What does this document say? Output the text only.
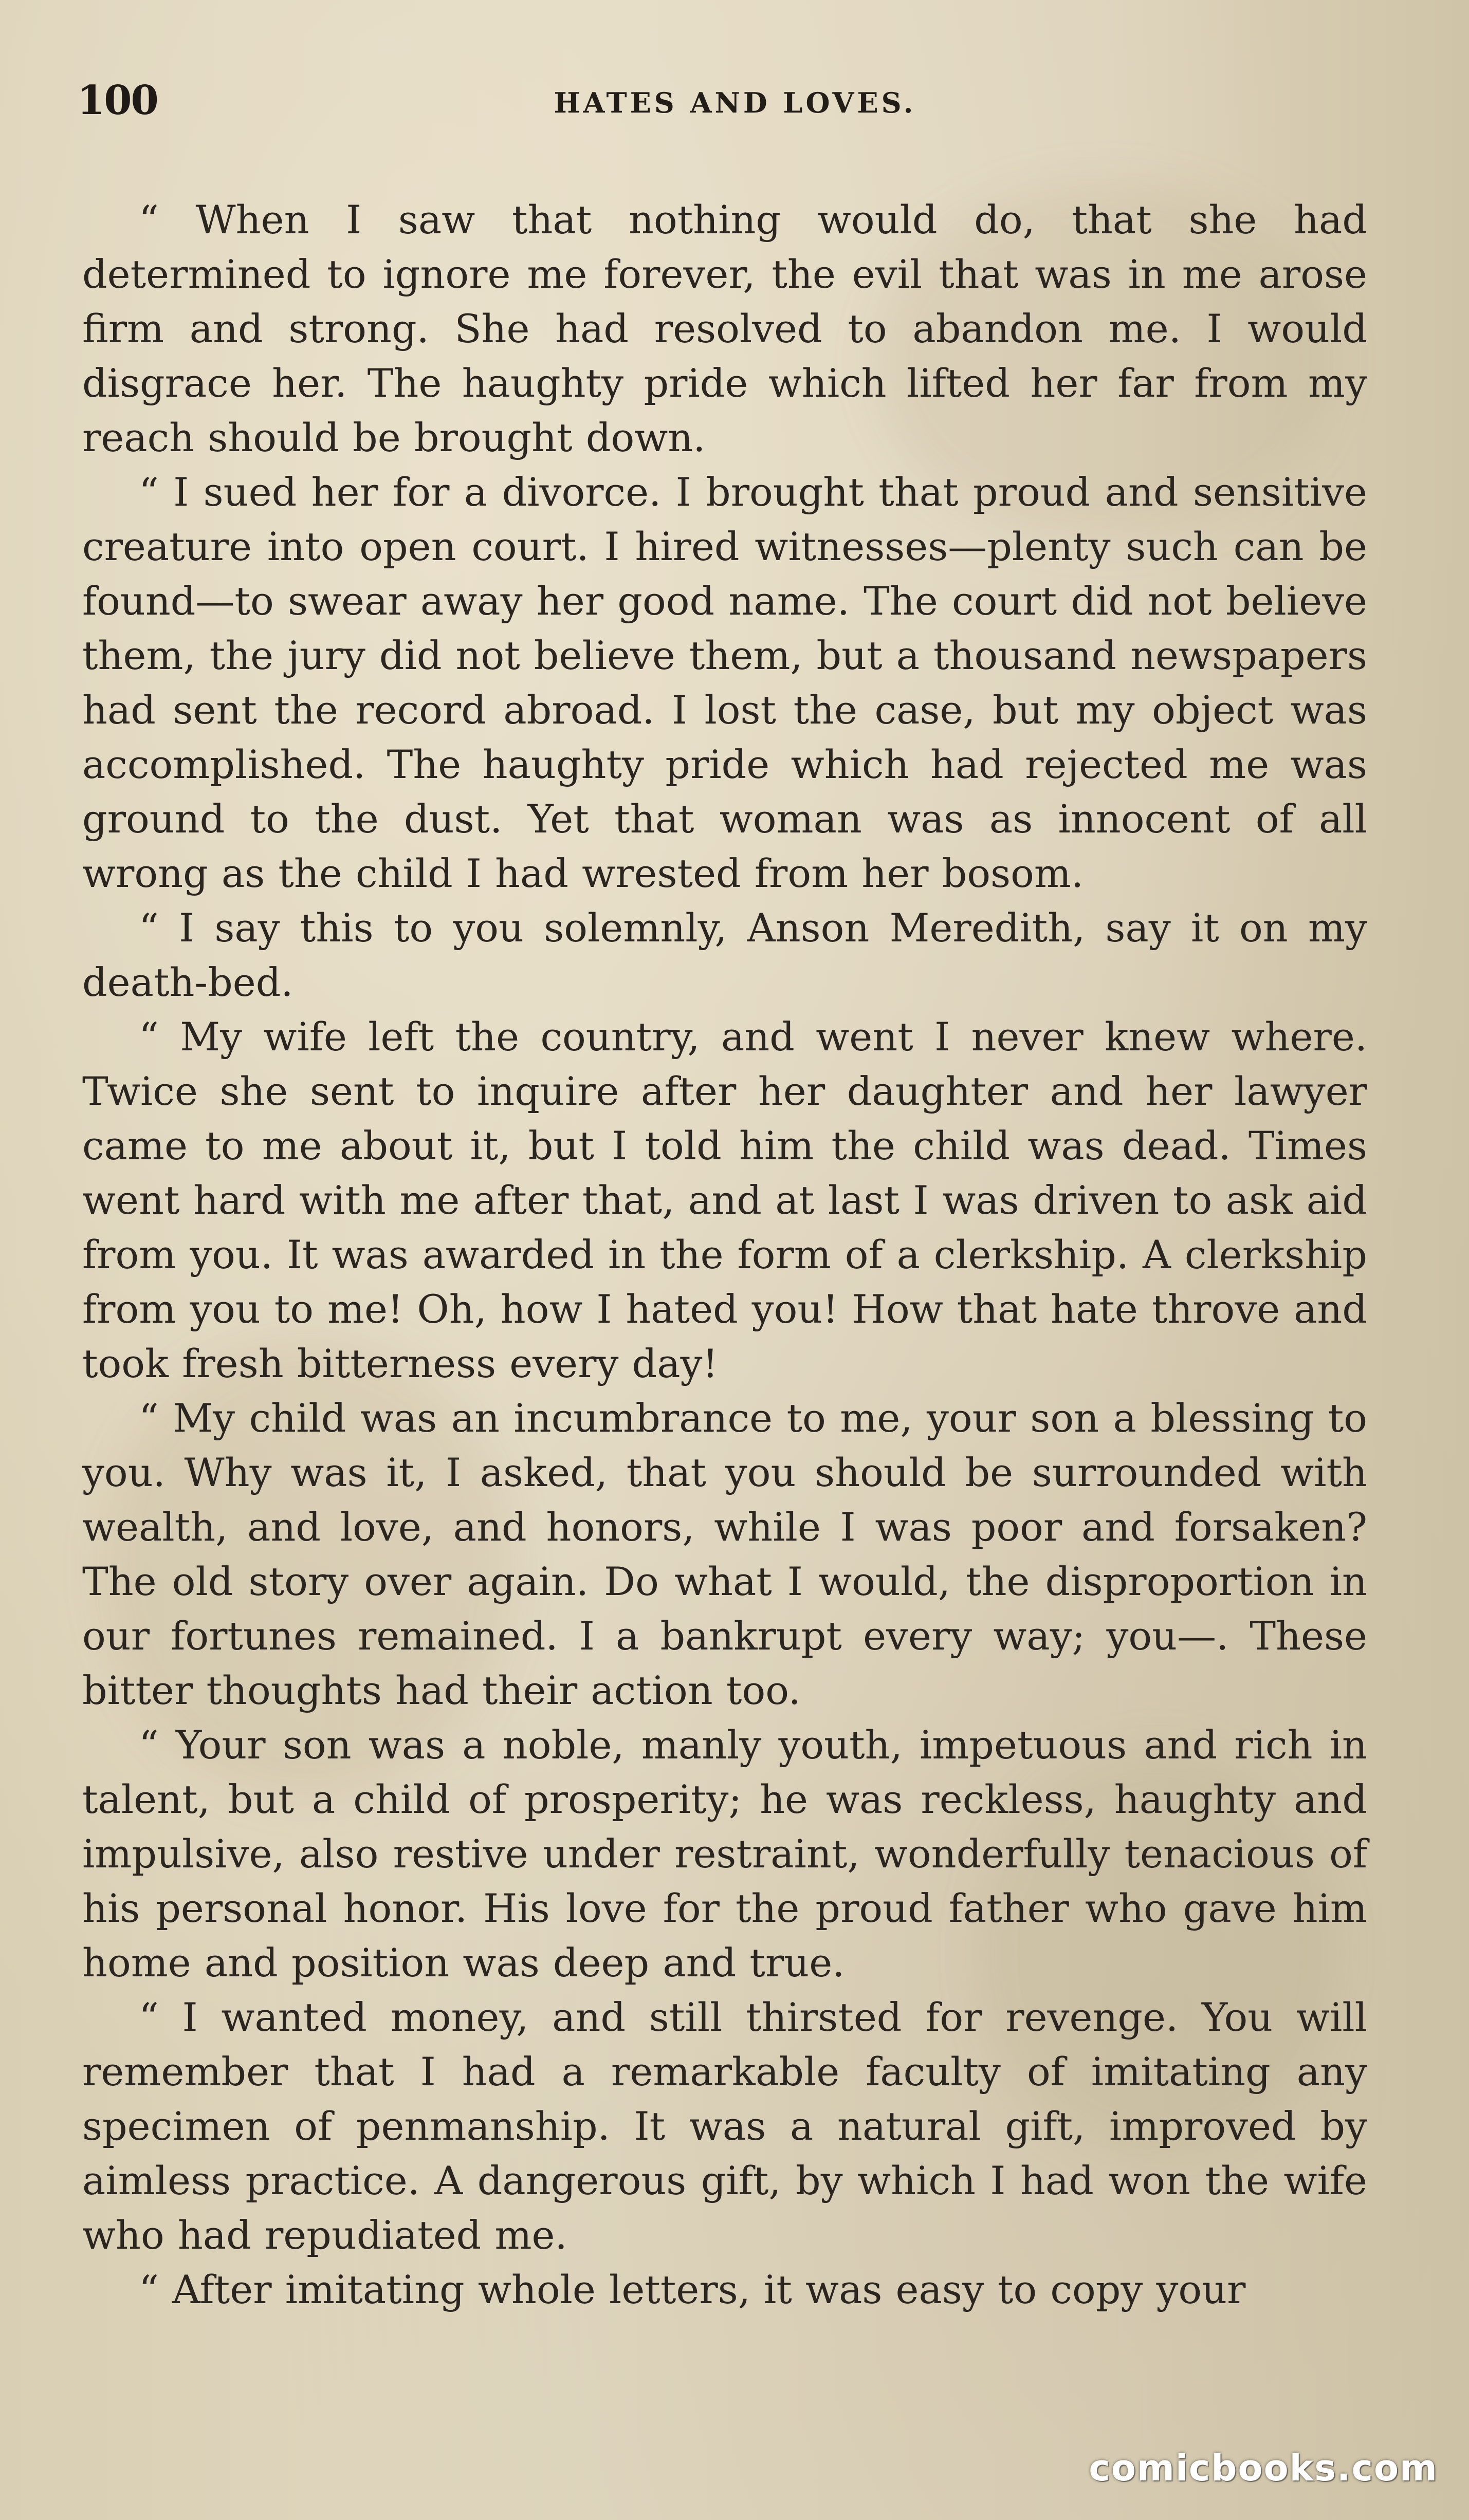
100	HATES AND LOVES.

“ When I saw that nothing would do, that she had determined to ignore me forever, the evil that was in me arose firm and strong. She had resolved to abandon me. I would disgrace her. The haughty pride which lifted her far from my reach should be brought down.

“ I sued her for a divorce. I brought that proud and sensitive creature into open court. I hired witnesses—plenty such can be found—to swear away her good name. The court did not believe them, the jury did not believe them, but a thousand newspapers had sent the record abroad. I lost the case, but my object was accomplished. The haughty pride which had rejected me was ground to the dust. Yet that woman was as innocent of all wrong as the child I had wrested from her bosom.

“ I say this to you solemnly, Anson Meredith, say it on my death-bed.

“ My wife left the country, and went I never knew where. Twice she sent to inquire after her daughter and her lawyer came to me about it, but I told him the child was dead. Times went hard with me after that, and at last I was driven to ask aid from you. It was awarded in the form of a clerkship. A clerkship from you to me! Oh, how I hated you! How that hate throve and took fresh bitterness every day!

“ My child was an incumbrance to me, your son a blessing to you. Why was it, I asked, that you should be surrounded with wealth, and love, and honors, while I was poor and forsaken? The old story over again. Do what I would, the disproportion in our fortunes remained. I a bankrupt every way; you—. These bitter thoughts had their action too.

“ Your son was a noble, manly youth, impetuous and rich in talent, but a child of prosperity; he was reckless, haughty and impulsive, also restive under restraint, wonderfully tenacious of his personal honor. His love for the proud father who gave him home and position was deep and true.

“ I wanted money, and still thirsted for revenge. You will remember that I had a remarkable faculty of imitating any specimen of penmanship. It was a natural gift, improved by aimless practice. A dangerous gift, by which I had won the wife who had repudiated me.

“ After imitating whole letters, it was easy to copy your

comicbooks.com
